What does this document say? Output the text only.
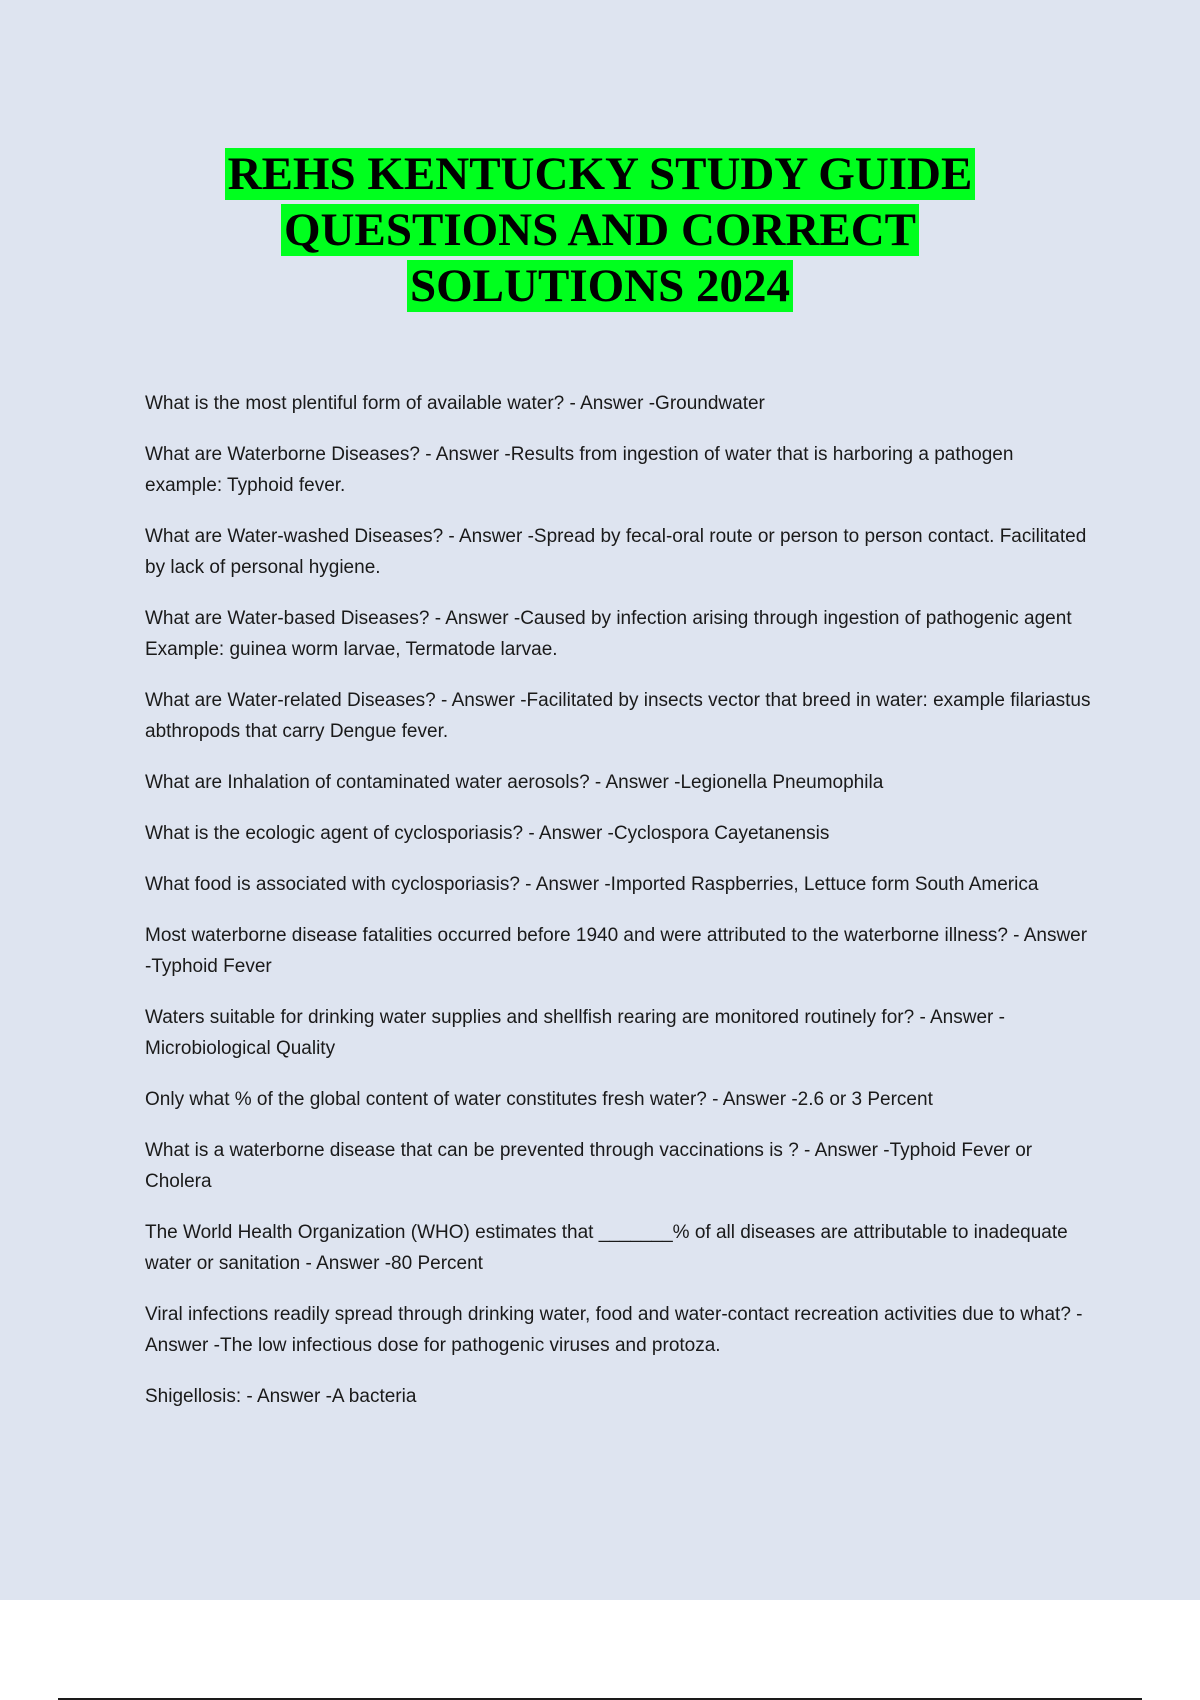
REHS KENTUCKY STUDY GUIDE
QUESTIONS AND CORRECT
SOLUTIONS 2024

What is the most plentiful form of available water? - Answer -Groundwater

What are Waterborne Diseases? - Answer -Results from ingestion of water that is harboring a pathogen example: Typhoid fever.

What are Water-washed Diseases? - Answer -Spread by fecal-oral route or person to person contact. Facilitated by lack of personal hygiene.

What are Water-based Diseases? - Answer -Caused by infection arising through ingestion of pathogenic agent Example: guinea worm larvae, Termatode larvae.

What are Water-related Diseases? - Answer -Facilitated by insects vector that breed in water: example filariastus abthropods that carry Dengue fever.

What are Inhalation of contaminated water aerosols? - Answer -Legionella Pneumophila

What is the ecologic agent of cyclosporiasis? - Answer -Cyclospora Cayetanensis

What food is associated with cyclosporiasis? - Answer -Imported Raspberries, Lettuce form South America

Most waterborne disease fatalities occurred before 1940 and were attributed to the waterborne illness? - Answer -Typhoid Fever

Waters suitable for drinking water supplies and shellfish rearing are monitored routinely for? - Answer -Microbiological Quality

Only what % of the global content of water constitutes fresh water? - Answer -2.6 or 3 Percent

What is a waterborne disease that can be prevented through vaccinations is ? - Answer -Typhoid Fever or Cholera

The World Health Organization (WHO) estimates that _______% of all diseases are attributable to inadequate water or sanitation - Answer -80 Percent

Viral infections readily spread through drinking water, food and water-contact recreation activities due to what? - Answer -The low infectious dose for pathogenic viruses and protoza.

Shigellosis: - Answer -A bacteria
